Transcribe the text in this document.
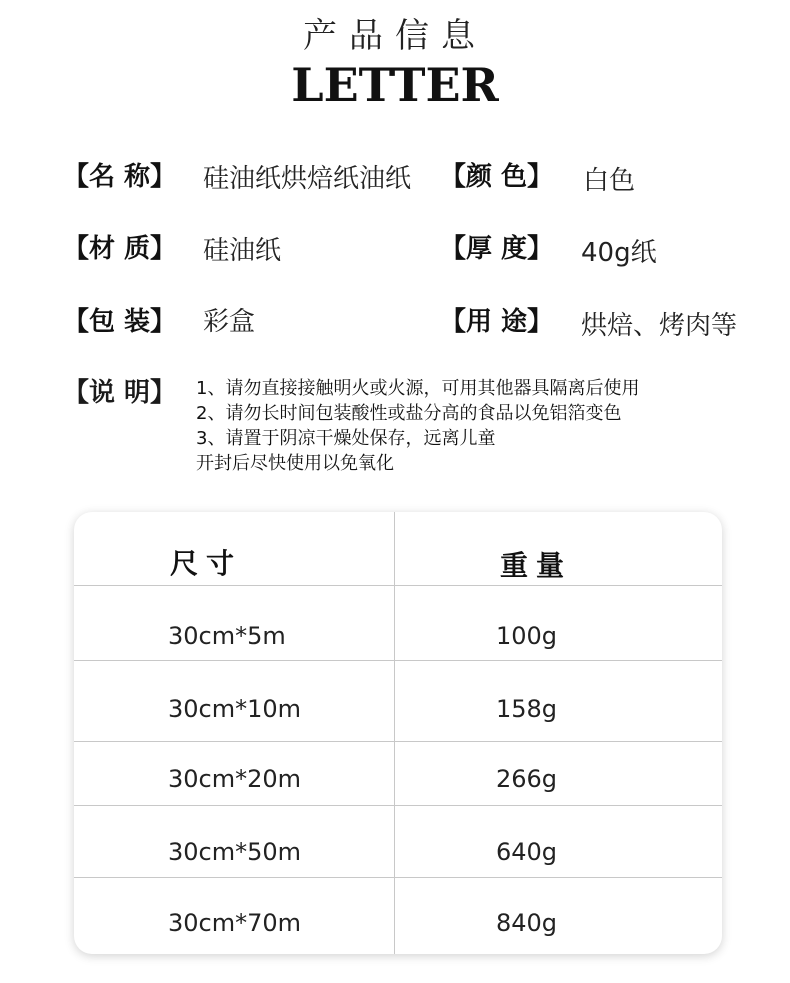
产品信息
LETTER
【名 称】 硅油纸烘焙纸油纸 【颜 色】 白色
【材 质】 硅油纸	【厚 度】 40g纸
【包 装】 彩盒	【用 途】 烘焙、烤肉等
【说 明】 1、请勿直接接触明火或火源，可用其他器具隔离后使用
2、请勿长时间包装酸性或盐分高的食品以免铝箔变色
3、请置于阴凉干燥处保存，远离儿童
开封后尽快使用以免氧化
尺寸	重量
30cm*5m	100g
30cm*10m	158g
30cm*20m	266g
30cm*50m	640g
30cm*70m	840g
